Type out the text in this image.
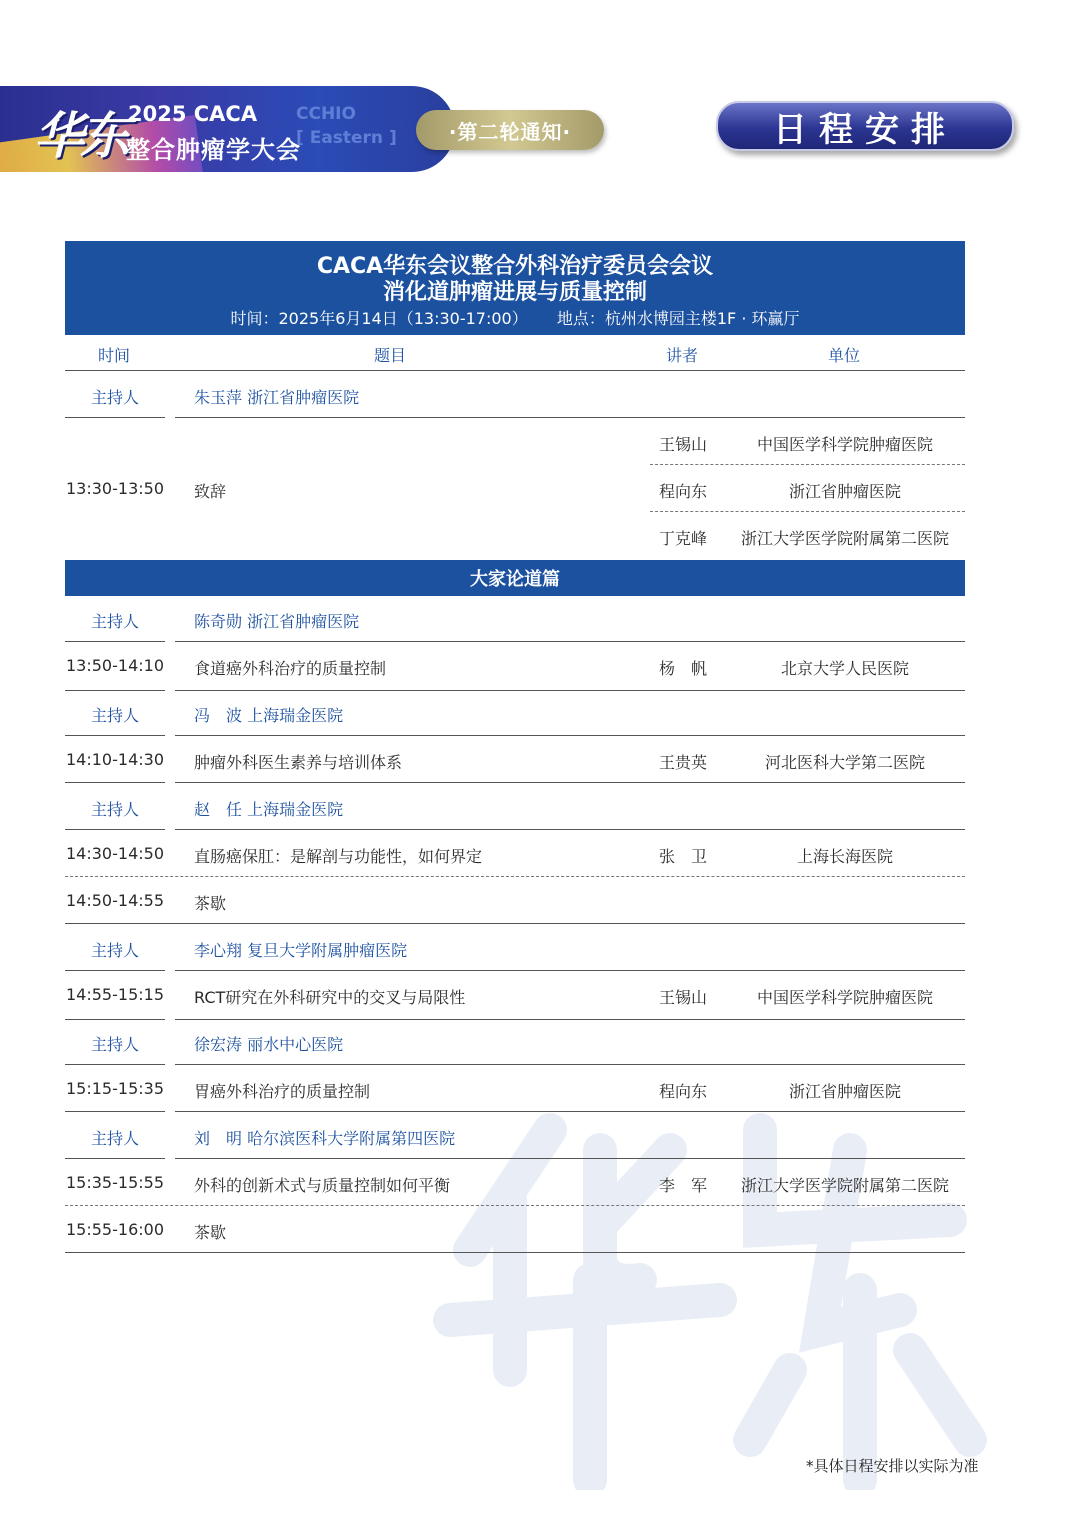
华东 2025 CACA
整合肿瘤学大会
CCHIO
[ Eastern ]	·第二轮通知·	日程安排
CACA华东会议整合外科治疗委员会会议
消化道肿瘤进展与质量控制
时间：2025年6月14日（13:30-17:00） 地点：杭州水博园主楼1F · 环赢厅
时间	题目	讲者	单位
主持人	朱玉萍 浙江省肿瘤医院
13:30-13:50 致辞
王锡山	中国医学科学院肿瘤医院
程向东	浙江省肿瘤医院
丁克峰	浙江大学医学院附属第二医院
大家论道篇
主持人	陈奇勋 浙江省肿瘤医院
13:50-14:10 食道癌外科治疗的质量控制	杨　帆	北京大学人民医院
主持人	冯　波 上海瑞金医院
14:10-14:30 肿瘤外科医生素养与培训体系	王贵英	河北医科大学第二医院
主持人	赵　任 上海瑞金医院
14:30-14:50 直肠癌保肛：是解剖与功能性，如何界定	张　卫	上海长海医院
14:50-14:55 茶歇
主持人	李心翔 复旦大学附属肿瘤医院
14:55-15:15 RCT研究在外科研究中的交叉与局限性	王锡山	中国医学科学院肿瘤医院
主持人	徐宏涛 丽水中心医院
15:15-15:35 胃癌外科治疗的质量控制	程向东	浙江省肿瘤医院
主持人	刘　明 哈尔滨医科大学附属第四医院
15:35-15:55 外科的创新术式与质量控制如何平衡	李　军	浙江大学医学院附属第二医院
15:55-16:00 茶歇
*具体日程安排以实际为准
